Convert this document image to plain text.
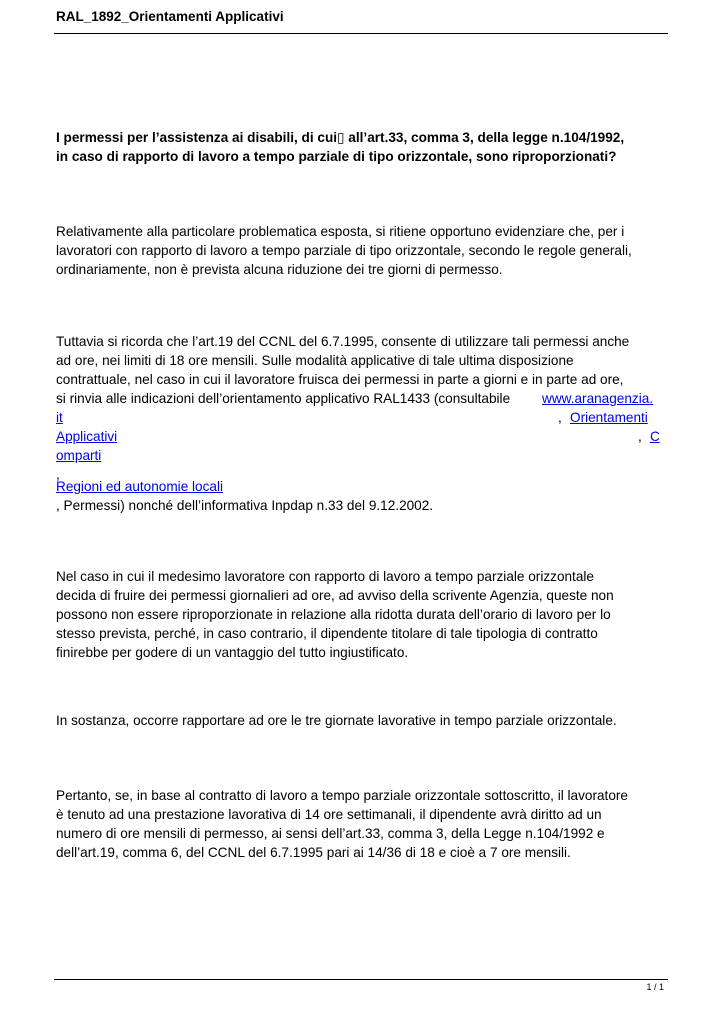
RAL_1892_Orientamenti Applicativi
I permessi per l’assistenza ai disabili, di cui▯ all’art.33, comma 3, della legge n.104/1992,
in caso di rapporto di lavoro a tempo parziale di tipo orizzontale, sono riproporzionati?
Relativamente alla particolare problematica esposta, si ritiene opportuno evidenziare che, per i
lavoratori con rapporto di lavoro a tempo parziale di tipo orizzontale, secondo le regole generali,
ordinariamente, non è prevista alcuna riduzione dei tre giorni di permesso.
Tuttavia si ricorda che l’art.19 del CCNL del 6.7.1995, consente di utilizzare tali permessi anche
ad ore, nei limiti di 18 ore mensili. Sulle modalità applicative di tale ultima disposizione
contrattuale, nel caso in cui il lavoratore fruisca dei permessi in parte a giorni e in parte ad ore,
si rinvia alle indicazioni dell’orientamento applicativo RAL1433 (consultabile	www.aranagenzia.
it	, Orientamenti
Applicativi	, C
omparti
,
Regioni ed autonomie locali
, Permessi) nonché dell’informativa Inpdap n.33 del 9.12.2002.
Nel caso in cui il medesimo lavoratore con rapporto di lavoro a tempo parziale orizzontale
decida di fruire dei permessi giornalieri ad ore, ad avviso della scrivente Agenzia, queste non
possono non essere riproporzionate in relazione alla ridotta durata dell’orario di lavoro per lo
stesso prevista, perché, in caso contrario, il dipendente titolare di tale tipologia di contratto
finirebbe per godere di un vantaggio del tutto ingiustificato.
In sostanza, occorre rapportare ad ore le tre giornate lavorative in tempo parziale orizzontale.
Pertanto, se, in base al contratto di lavoro a tempo parziale orizzontale sottoscritto, il lavoratore
è tenuto ad una prestazione lavorativa di 14 ore settimanali, il dipendente avrà diritto ad un
numero di ore mensili di permesso, ai sensi dell’art.33, comma 3, della Legge n.104/1992 e
dell’art.19, comma 6, del CCNL del 6.7.1995 pari ai 14/36 di 18 e cioè a 7 ore mensili.
1 / 1
